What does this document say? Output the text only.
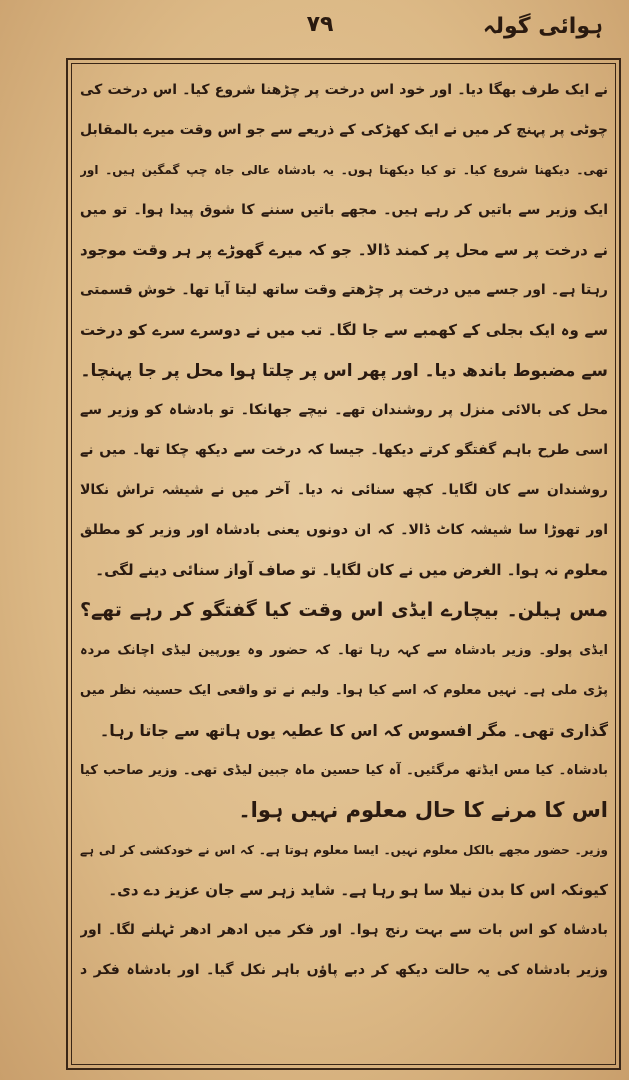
۷۹	ہوائی گولہ
نے ایک طرف بھگا دیا۔ اور خود اس درخت پر چڑھنا شروع کیا۔ اس درخت کی
چوٹی پر پہنچ کر میں نے ایک کھڑکی کے ذریعے سے جو اس وقت میرے بالمقابل
تھی۔ دیکھنا شروع کیا۔ تو کیا دیکھتا ہوں۔ یہ بادشاہ عالی جاہ چپ گمگین ہیں۔ اور
ایک وزیر سے باتیں کر رہے ہیں۔ مجھے باتیں سننے کا شوق پیدا ہوا۔ تو میں
نے درخت پر سے محل پر کمند ڈالا۔ جو کہ میرے گھوڑے پر ہر وقت موجود
رہتا ہے۔ اور جسے میں درخت پر چڑھتے وقت ساتھ لیتا آیا تھا۔ خوش قسمتی
سے وہ ایک بجلی کے کھمبے سے جا لگا۔ تب میں نے دوسرے سرے کو درخت
سے مضبوط باندھ دیا۔ اور پھر اس پر چلتا ہوا محل پر جا پہنچا۔
محل کی بالائی منزل پر روشندان تھے۔ نیچے جھانکا۔ تو بادشاہ کو وزیر سے
اسی طرح باہم گفتگو کرتے دیکھا۔ جیسا کہ درخت سے دیکھ چکا تھا۔ میں نے
روشندان سے کان لگایا۔ کچھ سنائی نہ دیا۔ آخر میں نے شیشہ تراش نکالا
اور تھوڑا سا شیشہ کاٹ ڈالا۔ کہ ان دونوں یعنی بادشاہ اور وزیر کو مطلق
معلوم نہ ہوا۔ الغرض میں نے کان لگایا۔ تو صاف آواز سنائی دینے لگی۔
مس ہیلن۔ بیچارے ایڈی اس وقت کیا گفتگو کر رہے تھے؟
ایڈی پولو۔ وزیر بادشاہ سے کہہ رہا تھا۔ کہ حضور وہ یورپین لیڈی اچانک مردہ
پڑی ملی ہے۔ نہیں معلوم کہ اسے کیا ہوا۔ ولیم نے تو واقعی ایک حسینہ نظر میں
گذاری تھی۔ مگر افسوس کہ اس کا عطیہ یوں ہاتھ سے جاتا رہا۔
بادشاہ۔ کیا مس ایڈتھ مرگئیں۔ آہ کیا حسین ماہ جبین لیڈی تھی۔ وزیر صاحب کیا
اس کا مرنے کا حال معلوم نہیں ہوا۔
وزیر۔ حضور مجھے بالکل معلوم نہیں۔ ایسا معلوم ہوتا ہے۔ کہ اس نے خودکشی کر لی ہے
کیونکہ اس کا بدن نیلا سا ہو رہا ہے۔ شاید زہر سے جان عزیز دے دی۔
بادشاہ کو اس بات سے بہت رنج ہوا۔ اور فکر میں ادھر ادھر ٹہلنے لگا۔ اور
وزیر بادشاہ کی یہ حالت دیکھ کر دبے پاؤں باہر نکل گیا۔ اور بادشاہ فکر د
